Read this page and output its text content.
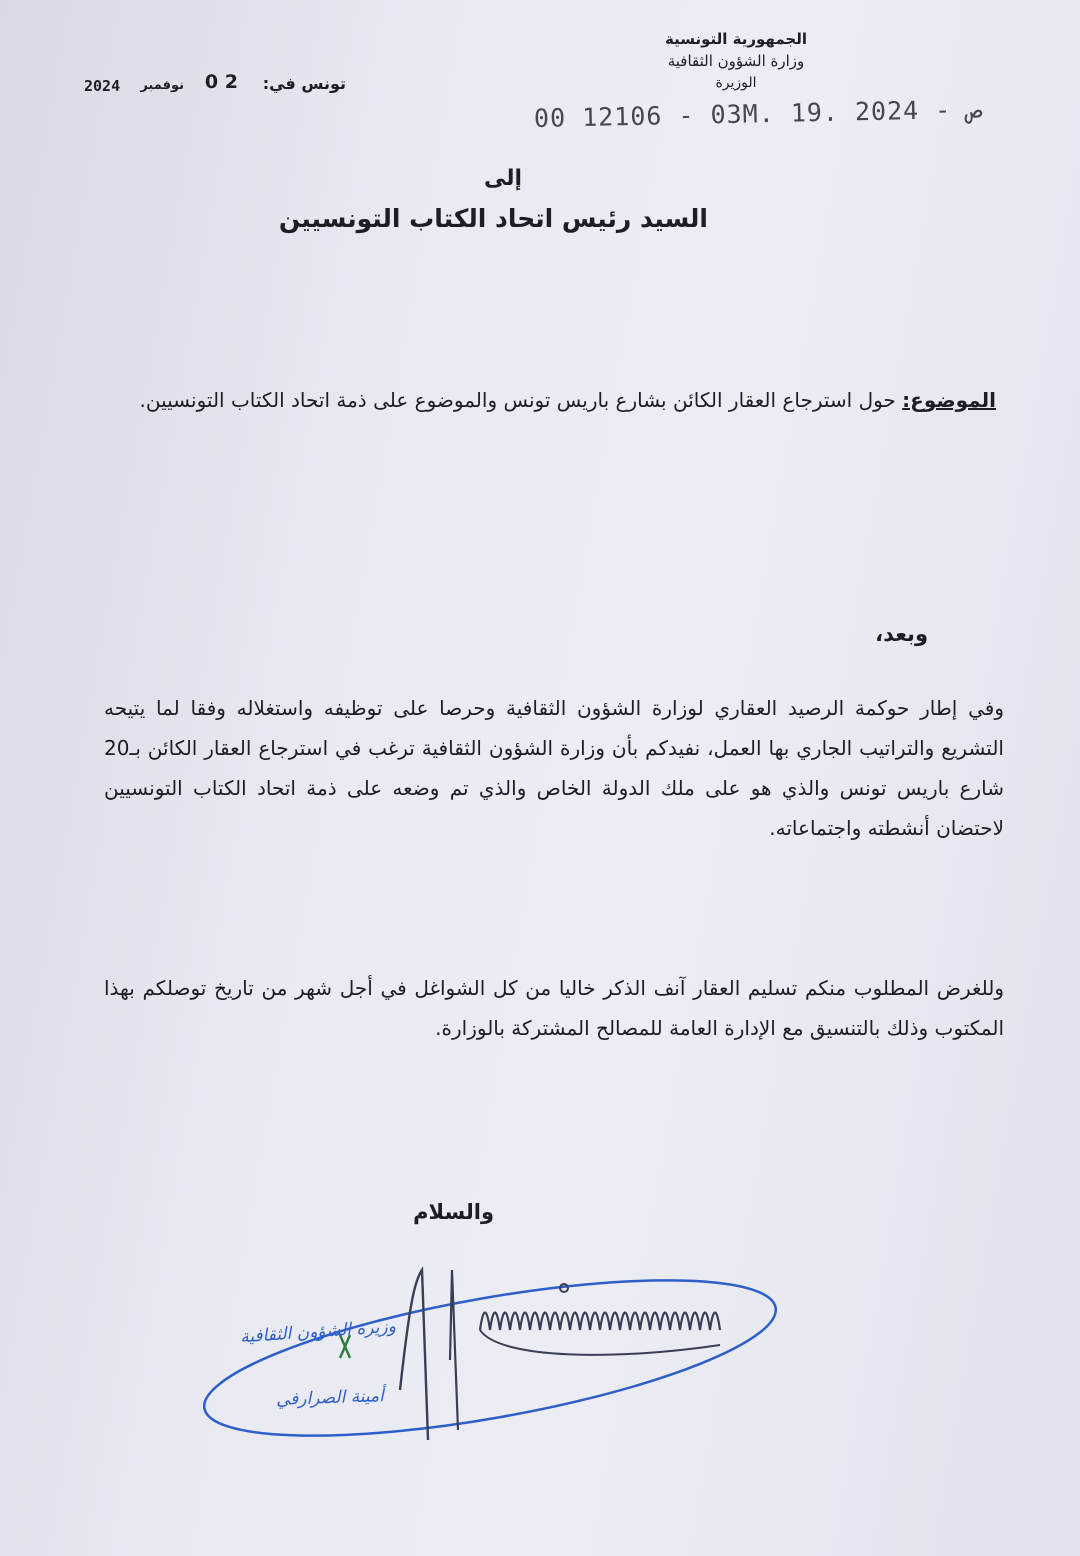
الجمهورية التونسية
وزارة الشؤون الثقافية
الوزيرة
تونس في:
2 0
نوفمبر
2024
00 12106 - 03M. 19. 2024 - ص
إلى
السيد رئيس اتحاد الكتاب التونسيين
الموضوع: حول استرجاع العقار الكائن بشارع باريس تونس والموضوع على ذمة اتحاد الكتاب التونسيين.
وبعد،
وفي إطار حوكمة الرصيد العقاري لوزارة الشؤون الثقافية وحرصا على توظيفه واستغلاله وفقا لما يتيحه التشريع والتراتيب الجاري بها العمل، نفيدكم بأن وزارة الشؤون الثقافية ترغب في استرجاع العقار الكائن بـ20 شارع باريس تونس والذي هو على ملك الدولة الخاص والذي تم وضعه على ذمة اتحاد الكتاب التونسيين لاحتضان أنشطته واجتماعاته.
وللغرض المطلوب منكم تسليم العقار آنف الذكر خاليا من كل الشواغل في أجل شهر من تاريخ توصلكم بهذا المكتوب وذلك بالتنسيق مع الإدارة العامة للمصالح المشتركة بالوزارة.
والسلام
وزيرة الشؤون الثقافية
أمينة الصرارفي
